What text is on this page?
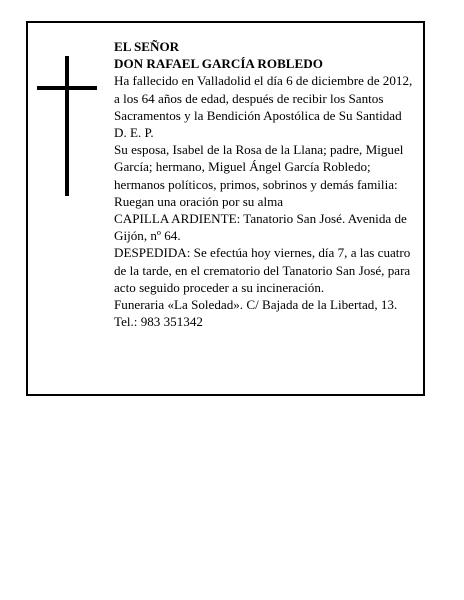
EL SEÑOR

DON RAFAEL GARCÍA ROBLEDO

Ha fallecido en Valladolid el día 6 de diciembre de 2012, a los 64 años de edad, después de recibir los Santos Sacramentos y la Bendición Apostólica de Su Santidad

D. E. P.

Su esposa, Isabel de la Rosa de la Llana; padre, Miguel García; hermano, Miguel Ángel García Robledo; hermanos políticos, primos, sobrinos y demás familia:

Ruegan una oración por su alma

CAPILLA ARDIENTE: Tanatorio San José. Avenida de Gijón, nº 64.

DESPEDIDA: Se efectúa hoy viernes, día 7, a las cuatro de la tarde, en el crematorio del Tanatorio San José, para acto seguido proceder a su incineración.

Funeraria «La Soledad». C/ Bajada de la Libertad, 13.

Tel.: 983 351342
